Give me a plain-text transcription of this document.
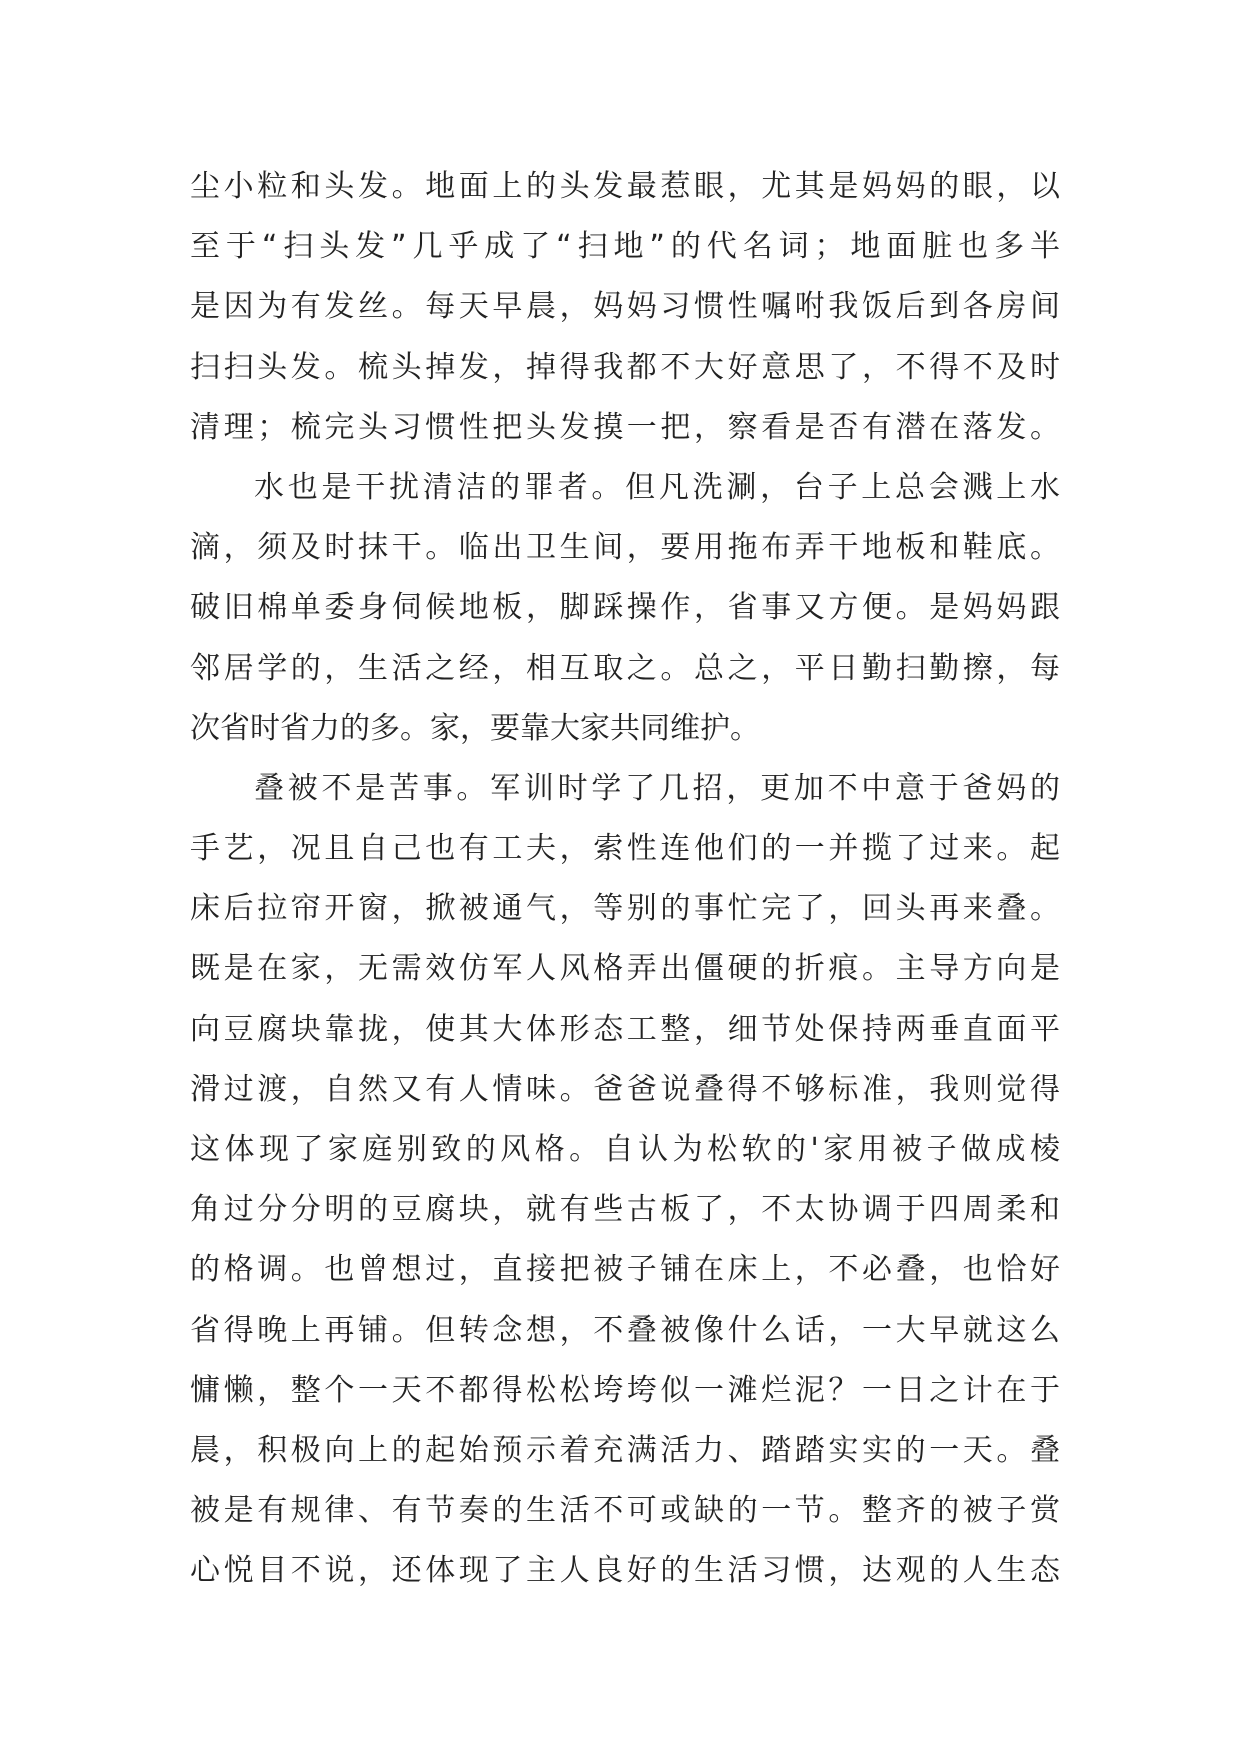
尘小粒和头发。地面上的头发最惹眼，尤其是妈妈的眼，以
至于“扫头发”几乎成了“扫地”的代名词；地面脏也多半
是因为有发丝。每天早晨，妈妈习惯性嘱咐我饭后到各房间
扫扫头发。梳头掉发，掉得我都不大好意思了，不得不及时
清理；梳完头习惯性把头发摸一把，察看是否有潜在落发。
水也是干扰清洁的罪者。但凡洗涮，台子上总会溅上水
滴，须及时抹干。临出卫生间，要用拖布弄干地板和鞋底。
破旧棉单委身伺候地板，脚踩操作，省事又方便。是妈妈跟
邻居学的，生活之经，相互取之。总之，平日勤扫勤擦，每
次省时省力的多。家，要靠大家共同维护。
叠被不是苦事。军训时学了几招，更加不中意于爸妈的
手艺，况且自己也有工夫，索性连他们的一并揽了过来。起
床后拉帘开窗，掀被通气，等别的事忙完了，回头再来叠。
既是在家，无需效仿军人风格弄出僵硬的折痕。主导方向是
向豆腐块靠拢，使其大体形态工整，细节处保持两垂直面平
滑过渡，自然又有人情味。爸爸说叠得不够标准，我则觉得
这体现了家庭别致的风格。自认为松软的'家用被子做成棱
角过分分明的豆腐块，就有些古板了，不太协调于四周柔和
的格调。也曾想过，直接把被子铺在床上，不必叠，也恰好
省得晚上再铺。但转念想，不叠被像什么话，一大早就这么
慵懒，整个一天不都得松松垮垮似一滩烂泥？一日之计在于
晨，积极向上的起始预示着充满活力、踏踏实实的一天。叠
被是有规律、有节奏的生活不可或缺的一节。整齐的被子赏
心悦目不说，还体现了主人良好的生活习惯，达观的人生态
